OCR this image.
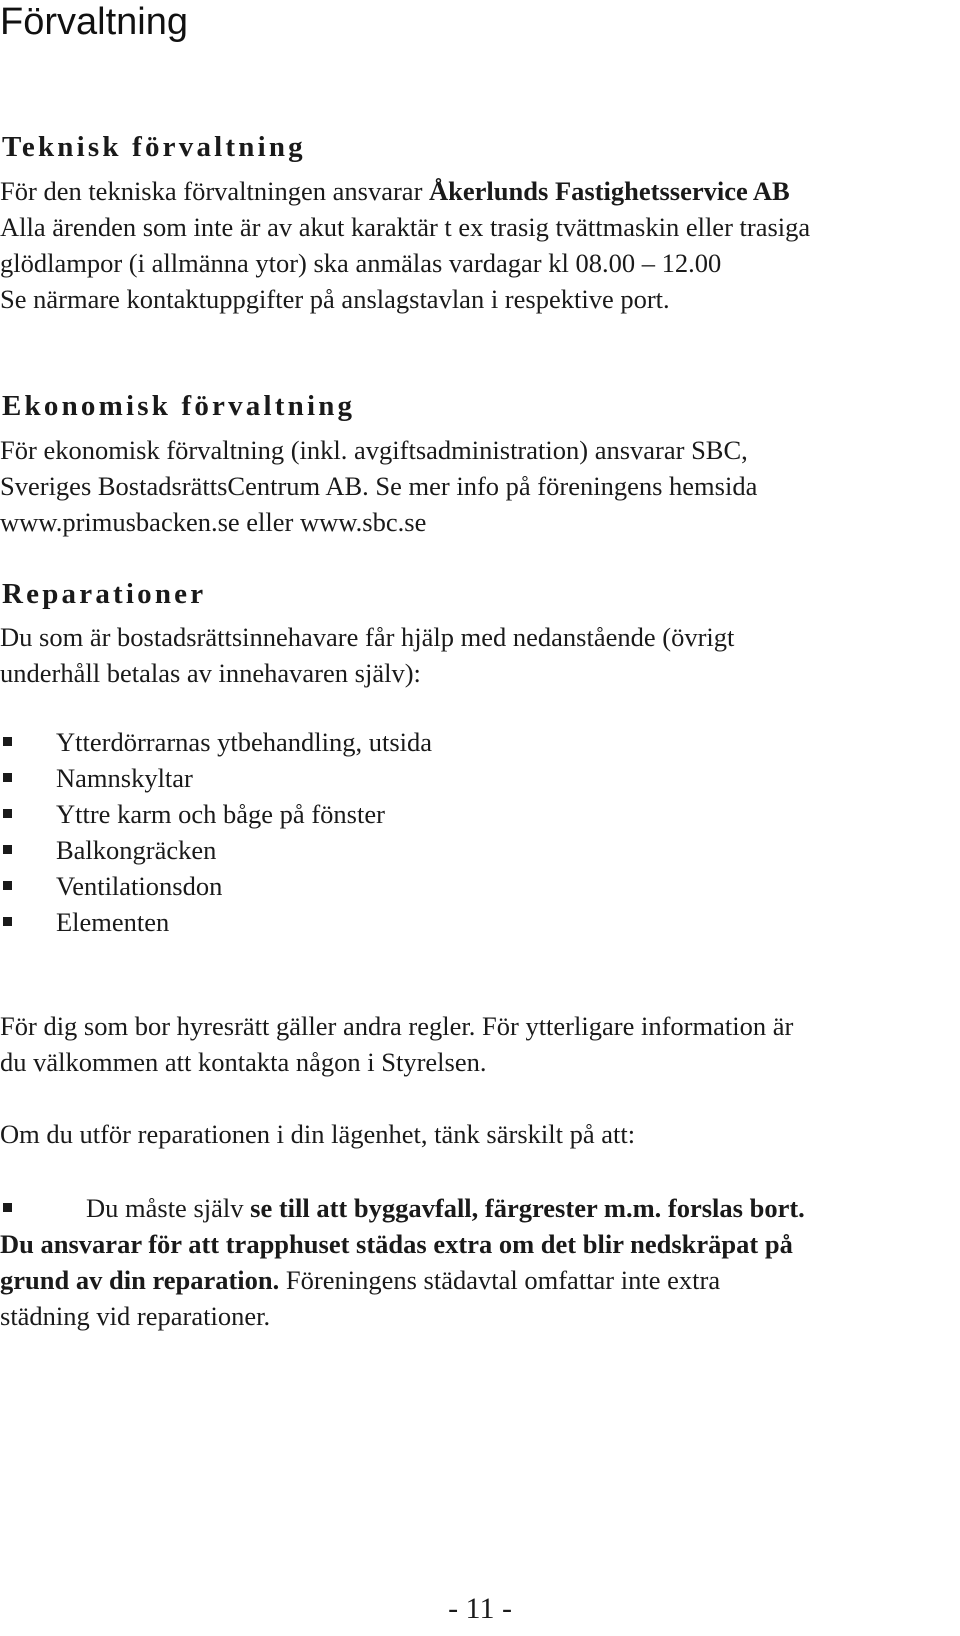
Förvaltning
Teknisk förvaltning
För den tekniska förvaltningen ansvarar Åkerlunds Fastighetsservice AB
Alla ärenden som inte är av akut karaktär t ex trasig tvättmaskin eller trasiga
glödlampor (i allmänna ytor) ska anmälas vardagar kl 08.00 – 12.00
Se närmare kontaktuppgifter på anslagstavlan i respektive port.
Ekonomisk förvaltning
För ekonomisk förvaltning (inkl. avgiftsadministration) ansvarar SBC,
Sveriges BostadsrättsCentrum AB. Se mer info på föreningens hemsida
www.primusbacken.se eller www.sbc.se
Reparationer
Du som är bostadsrättsinnehavare får hjälp med nedanstående (övrigt
underhåll betalas av innehavaren själv):
Ytterdörrarnas ytbehandling, utsida
Namnskyltar
Yttre karm och båge på fönster
Balkongräcken
Ventilationsdon
Elementen
För dig som bor hyresrätt gäller andra regler. För ytterligare information är
du välkommen att kontakta någon i Styrelsen.
Om du utför reparationen i din lägenhet, tänk särskilt på att:
Du måste själv se till att byggavfall, färgrester m.m. forslas bort.
Du ansvarar för att trapphuset städas extra om det blir nedskräpat på
grund av din reparation. Föreningens städavtal omfattar inte extra
städning vid reparationer.
- 11 -
